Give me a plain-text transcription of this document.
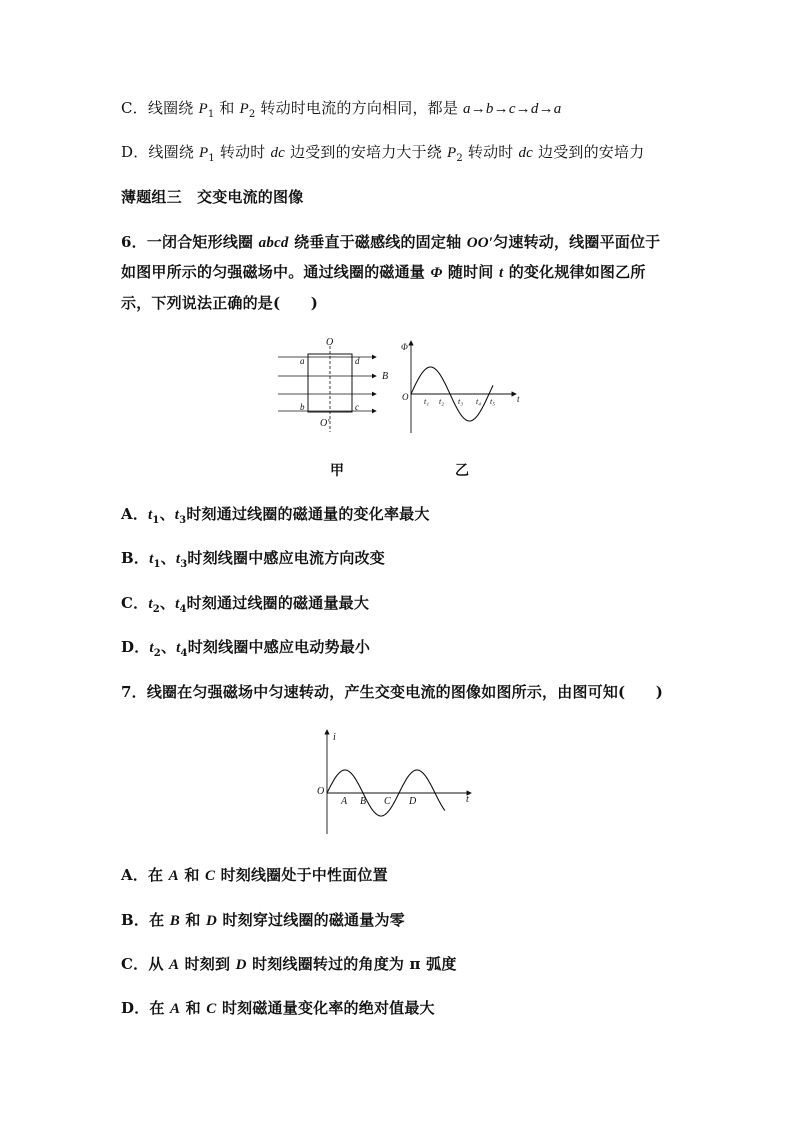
C．线圈绕 $P_1$ 和 $P_2$ 转动时电流的方向相同，都是 a→b→c→d→a
D．线圈绕 $P_1$ 转动时 dc 边受到的安培力大于绕 $P_2$ 转动时 dc 边受到的安培力
薄题组三　交变电流的图像
6．一闭合矩形线圈 abcd 绕垂直于磁感线的固定轴 OO′匀速转动，线圈平面位于
如图甲所示的匀强磁场中。通过线圈的磁通量 Φ 随时间 t 的变化规律如图乙所
示，下列说法正确的是(　　)
O
O′
a	d
b	c
B
Φ
O	t
t₁ t₂ t₃ t₄ t₅
甲	乙
A．$t_1$、$t_3$时刻通过线圈的磁通量的变化率最大
B．$t_1$、$t_3$时刻线圈中感应电流方向改变
C．$t_2$、$t_4$时刻通过线圈的磁通量最大
D．$t_2$、$t_4$时刻线圈中感应电动势最小
7．线圈在匀强磁场中匀速转动，产生交变电流的图像如图所示，由图可知(　　)
i
O
t
A B C D
A．在 A 和 C 时刻线圈处于中性面位置
B．在 B 和 D 时刻穿过线圈的磁通量为零
C．从 A 时刻到 D 时刻线圈转过的角度为 π 弧度
D．在 A 和 C 时刻磁通量变化率的绝对值最大
